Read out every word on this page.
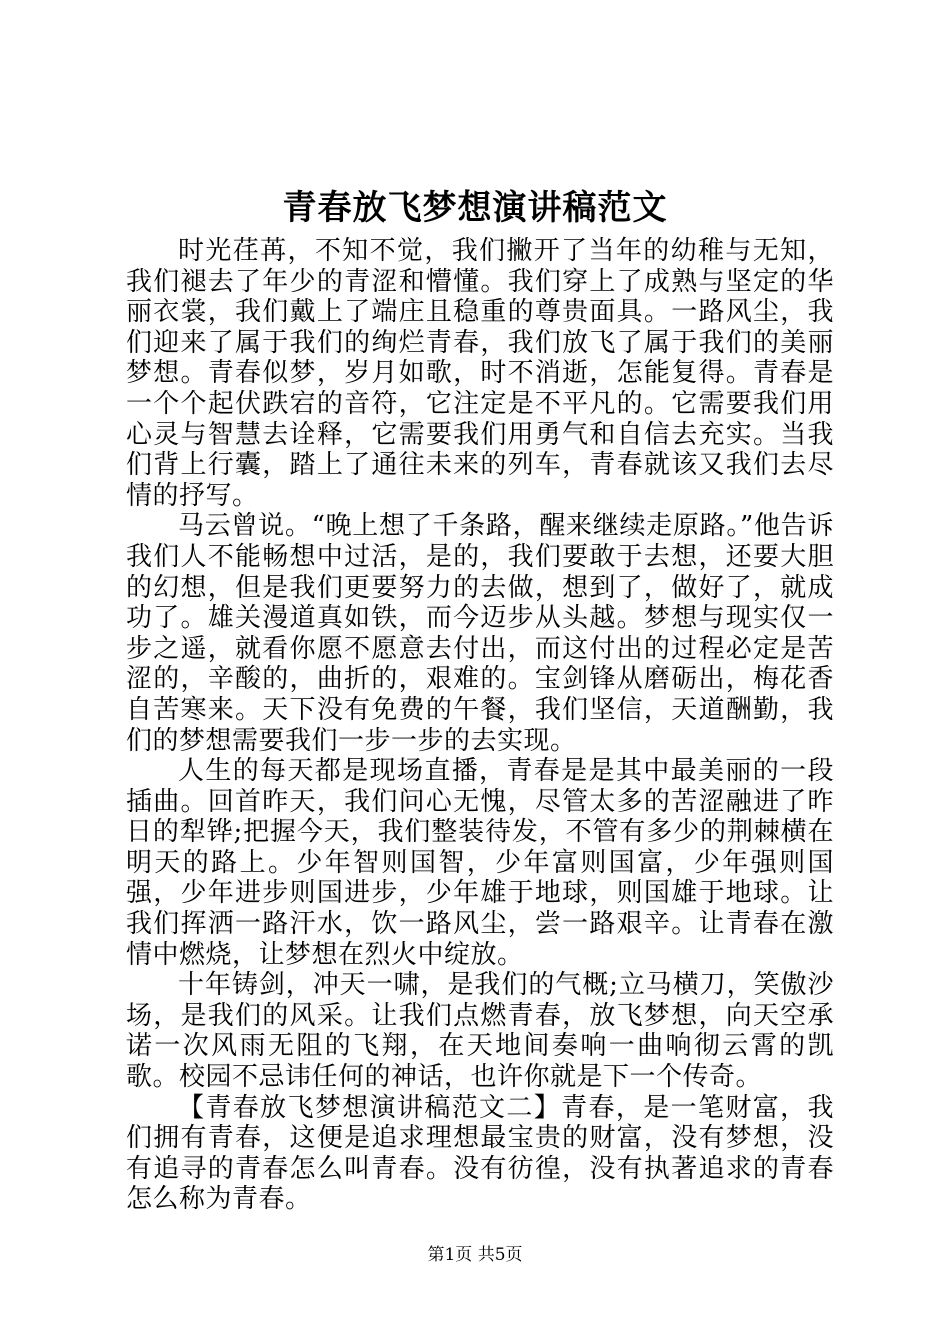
青春放飞梦想演讲稿范文

时光荏苒，不知不觉，我们撇开了当年的幼稚与无知，我们褪去了年少的青涩和懵懂。我们穿上了成熟与坚定的华丽衣裳，我们戴上了端庄且稳重的尊贵面具。一路风尘，我们迎来了属于我们的绚烂青春，我们放飞了属于我们的美丽梦想。青春似梦，岁月如歌，时不消逝，怎能复得。青春是一个个起伏跌宕的音符，它注定是不平凡的。它需要我们用心灵与智慧去诠释，它需要我们用勇气和自信去充实。当我们背上行囊，踏上了通往未来的列车，青春就该又我们去尽情的抒写。

马云曾说。“晚上想了千条路，醒来继续走原路。”他告诉我们人不能畅想中过活，是的，我们要敢于去想，还要大胆的幻想，但是我们更要努力的去做，想到了，做好了，就成功了。雄关漫道真如铁，而今迈步从头越。梦想与现实仅一步之遥，就看你愿不愿意去付出，而这付出的过程必定是苦涩的，辛酸的，曲折的，艰难的。宝剑锋从磨砺出，梅花香自苦寒来。天下没有免费的午餐，我们坚信，天道酬勤，我们的梦想需要我们一步一步的去实现。

人生的每天都是现场直播，青春是是其中最美丽的一段插曲。回首昨天，我们问心无愧，尽管太多的苦涩融进了昨日的犁铧;把握今天，我们整装待发，不管有多少的荆棘横在明天的路上。少年智则国智，少年富则国富，少年强则国强，少年进步则国进步，少年雄于地球，则国雄于地球。让我们挥洒一路汗水，饮一路风尘，尝一路艰辛。让青春在激情中燃烧，让梦想在烈火中绽放。

十年铸剑，冲天一啸，是我们的气概;立马横刀，笑傲沙场，是我们的风采。让我们点燃青春，放飞梦想，向天空承诺一次风雨无阻的飞翔，在天地间奏响一曲响彻云霄的凯歌。校园不忌讳任何的神话，也许你就是下一个传奇。

【青春放飞梦想演讲稿范文二】青春，是一笔财富，我们拥有青春，这便是追求理想最宝贵的财富，没有梦想，没有追寻的青春怎么叫青春。没有彷徨，没有执著追求的青春怎么称为青春。

第1页 共5页
